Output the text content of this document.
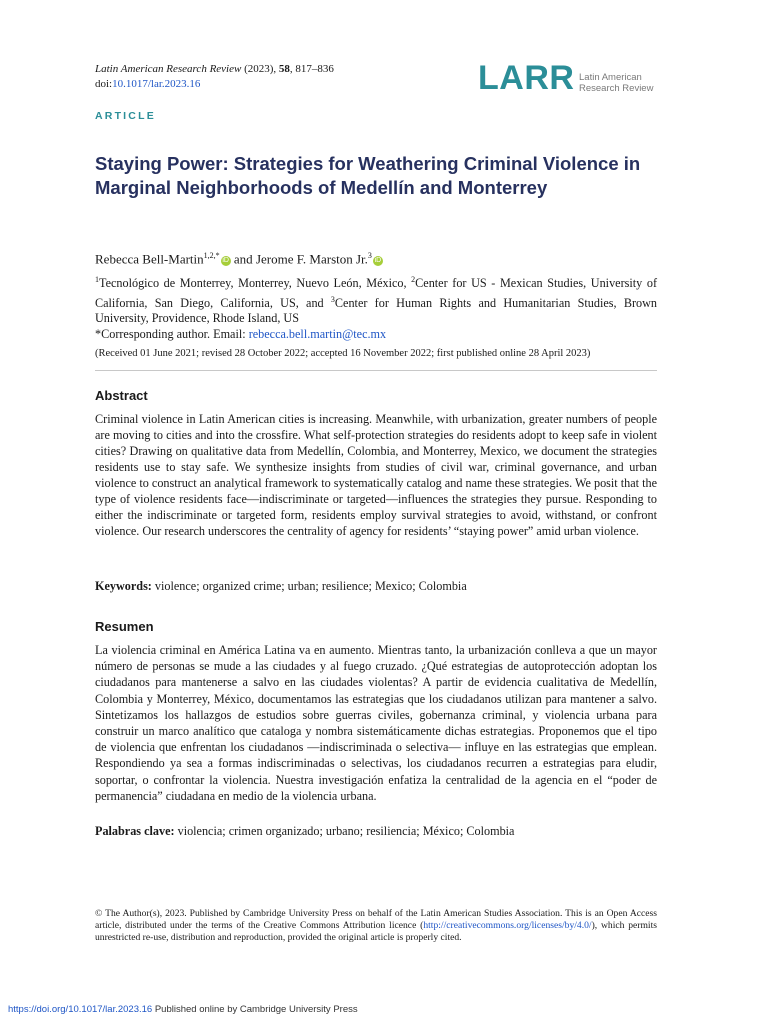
Latin American Research Review (2023), 58, 817–836
doi:10.1017/lar.2023.16	LARR Latin American
Research Review
ARTICLE
Staying Power: Strategies for Weathering Criminal Violence in Marginal Neighborhoods of Medellín and Monterrey
Rebecca Bell-Martin$^{1,2,*}$iD and Jerome F. Marston Jr.$^3$iD

$^1$Tecnológico de Monterrey, Monterrey, Nuevo León, México, $^2$Center for US - Mexican Studies, University of California, San Diego, California, US, and $^3$Center for Human Rights and Humanitarian Studies, Brown University, Providence, Rhode Island, US

*Corresponding author. Email: rebecca.bell.martin@tec.mx

(Received 01 June 2021; revised 28 October 2022; accepted 16 November 2022; first published online 28 April 2023)
Abstract

Criminal violence in Latin American cities is increasing. Meanwhile, with urbanization, greater numbers of people are moving to cities and into the crossfire. What self-protection strategies do residents adopt to keep safe in violent cities? Drawing on qualitative data from Medellín, Colombia, and Monterrey, Mexico, we document the strategies residents use to stay safe. We synthesize insights from studies of civil war, criminal governance, and urban violence to construct an analytical framework to systematically catalog and name these strategies. We posit that the type of violence residents face—indiscriminate or targeted—influences the strategies they pursue. Responding to either the indiscriminate or targeted form, residents employ survival strategies to avoid, withstand, or confront violence. Our research underscores the centrality of agency for residents’ “staying power” amid urban violence.

Keywords: violence; organized crime; urban; resilience; Mexico; Colombia
Resumen

La violencia criminal en América Latina va en aumento. Mientras tanto, la urbanización conlleva a que un mayor número de personas se mude a las ciudades y al fuego cruzado. ¿Qué estrategias de autoprotección adoptan los ciudadanos para mantenerse a salvo en las ciudades violentas? A partir de evidencia cualitativa de Medellín, Colombia y Monterrey, México, documentamos las estrategias que los ciudadanos utilizan para mantener a salvo. Sintetizamos los hallazgos de estudios sobre guerras civiles, gobernanza criminal, y violencia urbana para construir un marco analítico que cataloga y nombra sistemáticamente dichas estrategias. Proponemos que el tipo de violencia que enfrentan los ciudadanos —indiscriminada o selectiva— influye en las estrategias que emplean. Respondiendo ya sea a formas indiscriminadas o selectivas, los ciudadanos recurren a estrategias para eludir, soportar, o confrontar la violencia. Nuestra investigación enfatiza la centralidad de la agencia en el “poder de permanencia” ciudadana en medio de la violencia urbana.

Palabras clave: violencia; crimen organizado; urbano; resiliencia; México; Colombia

© The Author(s), 2023. Published by Cambridge University Press on behalf of the Latin American Studies Association. This is an Open Access article, distributed under the terms of the Creative Commons Attribution licence (http://creativecommons.org/licenses/by/4.0/), which permits unrestricted re-use, distribution and reproduction, provided the original article is properly cited.

https://doi.org/10.1017/lar.2023.16 Published online by Cambridge University Press
